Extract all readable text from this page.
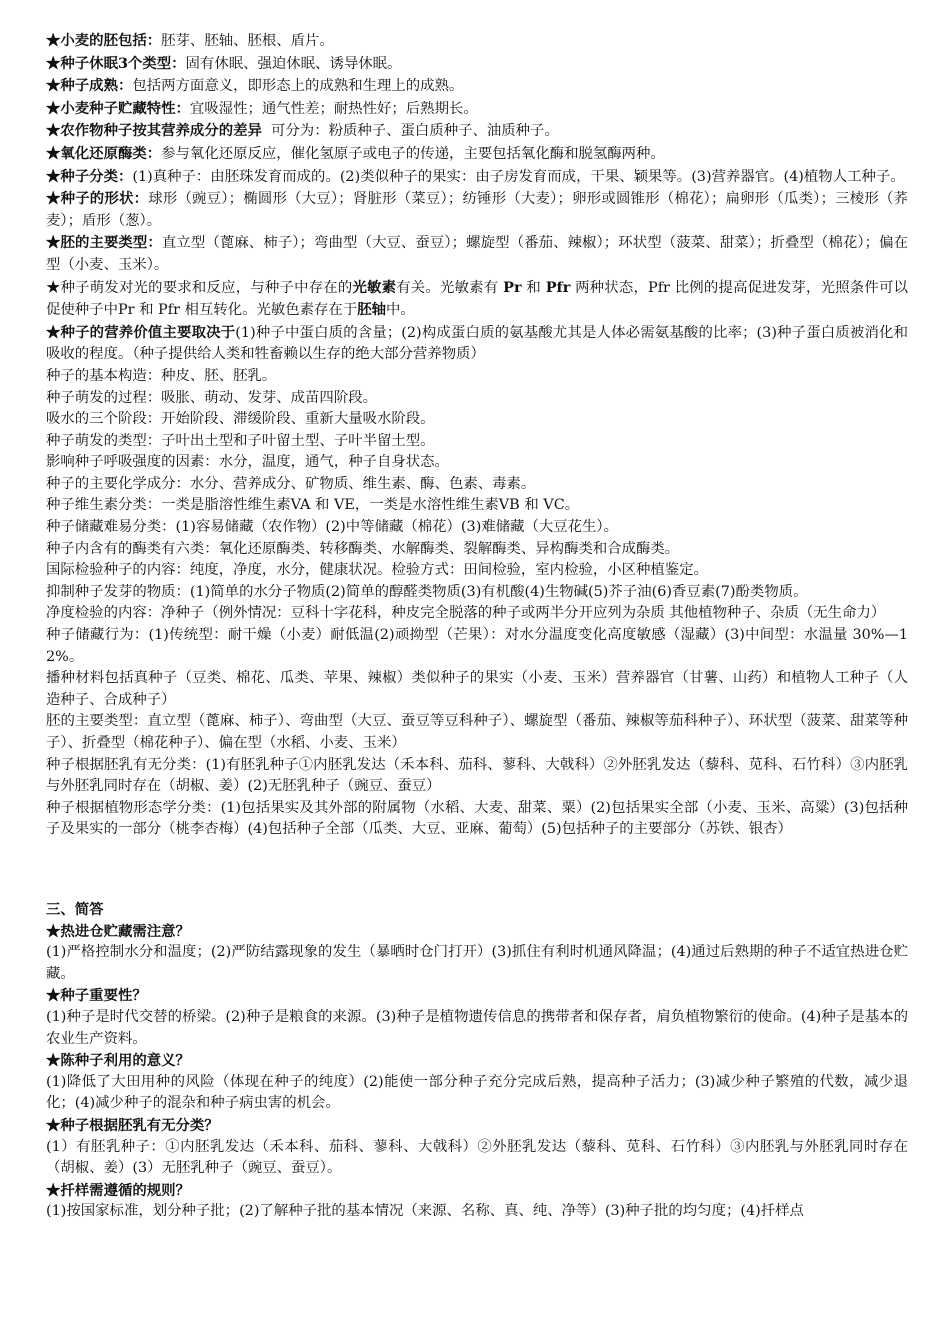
★小麦的胚包括：胚芽、胚轴、胚根、盾片。

★种子休眠3个类型：固有休眠、强迫休眠、诱导休眠。

★种子成熟：包括两方面意义，即形态上的成熟和生理上的成熟。

★小麦种子贮藏特性：宜吸湿性；通气性差；耐热性好；后熟期长。

★农作物种子按其营养成分的差异  可分为：粉质种子、蛋白质种子、油质种子。

★氧化还原酶类：参与氧化还原反应，催化氢原子或电子的传递，主要包括氧化酶和脱氢酶两种。

★种子分类：(1)真种子：由胚珠发育而成的。(2)类似种子的果实：由子房发育而成，干果、颖果等。(3)营养器官。(4)植物人工种子。

★种子的形状：球形（豌豆）；椭圆形（大豆）；肾脏形（菜豆）；纺锤形（大麦）；卵形或圆锥形（棉花）；扁卵形（瓜类）；三棱形（荞麦）；盾形（葱）。

★胚的主要类型：直立型（蓖麻、柿子）；弯曲型（大豆、蚕豆）；螺旋型（番茄、辣椒）；环状型（菠菜、甜菜）；折叠型（棉花）；偏在型（小麦、玉米）。

★种子萌发对光的要求和反应，与种子中存在的光敏素有关。光敏素有 Pr 和 Pfr 两种状态，Pfr 比例的提高促进发芽，光照条件可以促使种子中Pr 和 Pfr 相互转化。光敏色素存在于胚轴中。

★种子的营养价值主要取决于(1)种子中蛋白质的含量；(2)构成蛋白质的氨基酸尤其是人体必需氨基酸的比率；(3)种子蛋白质被消化和吸收的程度。（种子提供给人类和牲畜赖以生存的绝大部分营养物质）

种子的基本构造：种皮、胚、胚乳。

种子萌发的过程：吸胀、萌动、发芽、成苗四阶段。

吸水的三个阶段：开始阶段、滞缓阶段、重新大量吸水阶段。

种子萌发的类型：子叶出土型和子叶留土型、子叶半留土型。

影响种子呼吸强度的因素：水分，温度，通气，种子自身状态。

种子的主要化学成分：水分、营养成分、矿物质、维生素、酶、色素、毒素。

种子维生素分类：一类是脂溶性维生素VA 和 VE，一类是水溶性维生素VB 和 VC。

种子储藏难易分类：(1)容易储藏（农作物）(2)中等储藏（棉花）(3)难储藏（大豆花生）。

种子内含有的酶类有六类：氧化还原酶类、转移酶类、水解酶类、裂解酶类、异构酶类和合成酶类。

国际检验种子的内容：纯度，净度，水分，健康状况。检验方式：田间检验，室内检验，小区种植鉴定。

抑制种子发芽的物质：(1)简单的水分子物质(2)简单的醇醛类物质(3)有机酸(4)生物碱(5)芥子油(6)香豆素(7)酚类物质。

净度检验的内容：净种子（例外情况：豆科十字花科，种皮完全脱落的种子或两半分开应列为杂质 其他植物种子、杂质（无生命力）

种子储藏行为：(1)传统型：耐干燥（小麦）耐低温(2)顽拗型（芒果）：对水分温度变化高度敏感（湿藏）(3)中间型：水温量 30%—12%。

播种材料包括真种子（豆类、棉花、瓜类、苹果、辣椒）类似种子的果实（小麦、玉米）营养器官（甘薯、山药）和植物人工种子（人造种子、合成种子）

胚的主要类型：直立型（蓖麻、柿子）、弯曲型（大豆、蚕豆等豆科种子）、螺旋型（番茄、辣椒等茄科种子）、环状型（菠菜、甜菜等种子）、折叠型（棉花种子）、偏在型（水稻、小麦、玉米）

种子根据胚乳有无分类：(1)有胚乳种子①内胚乳发达（禾本科、茄科、蓼科、大戟科）②外胚乳发达（藜科、苋科、石竹科）③内胚乳与外胚乳同时存在（胡椒、姜）(2)无胚乳种子（豌豆、蚕豆）

种子根据植物形态学分类：(1)包括果实及其外部的附属物（水稻、大麦、甜菜、粟）(2)包括果实全部（小麦、玉米、高粱）(3)包括种子及果实的一部分（桃李杏梅）(4)包括种子全部（瓜类、大豆、亚麻、葡萄）(5)包括种子的主要部分（苏铁、银杏）

三、简答

★热进仓贮藏需注意？

(1)严格控制水分和温度；(2)严防结露现象的发生（暴晒时仓门打开）(3)抓住有利时机通风降温；(4)通过后熟期的种子不适宜热进仓贮藏。

★种子重要性？

(1)种子是时代交替的桥梁。(2)种子是粮食的来源。(3)种子是植物遗传信息的携带者和保存者，肩负植物繁衍的使命。(4)种子是基本的农业生产资料。

★陈种子利用的意义？

(1)降低了大田用种的风险（体现在种子的纯度）(2)能使一部分种子充分完成后熟，提高种子活力；(3)减少种子繁殖的代数，减少退化；(4)减少种子的混杂和种子病虫害的机会。

★种子根据胚乳有无分类？

(1）有胚乳种子：①内胚乳发达（禾本科、茄科、蓼科、大戟科）②外胚乳发达（藜科、苋科、石竹科）③内胚乳与外胚乳同时存在（胡椒、姜）(3）无胚乳种子（豌豆、蚕豆）。

★扦样需遵循的规则？

(1)按国家标准，划分种子批；(2)了解种子批的基本情况（来源、名称、真、纯、净等）(3)种子批的均匀度；(4)扦样点
